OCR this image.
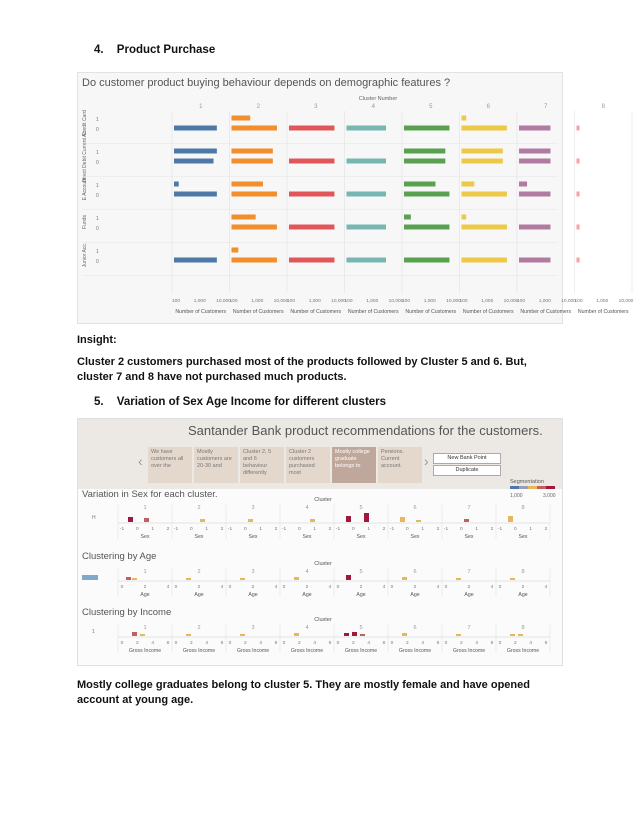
4. Product Purchase
Do customer product buying behaviour depends on demographic features ?
Cluster Number
1	2	3	4	5	6	7	8
Credit Card 1
0
Direct Debit Current Ac. 1
0
E Account 1
0
Funds 1
0
Junior Acc. 1
0
100	1,000 10,000
Number of Customers
100	1,000 10,000
Number of Customers
100	1,000 10,000
Number of Customers
100	1,000 10,000
Number of Customers
100	1,000 10,000
Number of Customers
100	1,000 10,000
Number of Customers
100	1,000 10,000
Number of Customers
100	1,000 10,000
Number of Customers
Insight:
Cluster 2 customers purchased most of the products followed by Cluster 5 and 6. But, cluster 7 and 8 have not purchased much products.
5. Variation of Sex Age Income for different clusters
Santander Bank product recommendations for the customers.
‹
We have customers all over the
Mostly customers are 20-30 and
Cluster 2, 5 and 6 behaviour differently
Cluster 2 customers purchased most
Mostly college graduate belongs to
Persions. Current account.	›	New Bank Point
Duplicate
Segmentation
1,000	3,000
Cluster
H
1
-1 0	1	2
Sex
2
-1 0	1	2
Sex
3
-1 0	1	2
Sex
4
-1 0	1	2
Sex
5
-1 0	1	2
Sex
6
-1 0	1	2
Sex
7
-1 0	1	2
Sex
8
-1 0	1	2
Sex
Cluster
1
0	2	4
Age
2
0	2	4
Age
3
0	2	4
Age
4
0	2	4
Age
5
0	2	4
Age
6
0	2	4
Age
7
0	2	4
Age
8
0	2	4
Age
Cluster
1
1
0	2	4	6
Gross Income
2
0	2	4	6
Gross Income
3
0	2	4	6
Gross Income
4
0	2	4	6
Gross Income
5
0	2	4	6
Gross Income
6
0	2	4	6
Gross Income
7
0	2	4	6
Gross Income
8
0	2	4	6
Gross Income
Variation in Sex for each cluster.
Clustering by Age
Clustering by Income
Mostly college graduates belong to cluster 5. They are mostly female and have opened account at young age.
